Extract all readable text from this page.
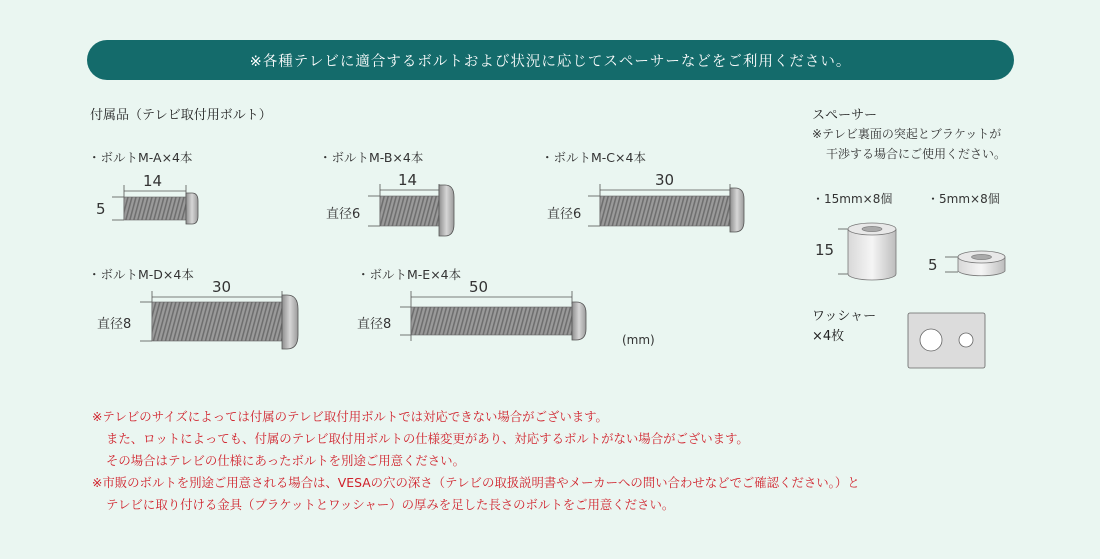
※各種テレビに適合するボルトおよび状況に応じてスペーサーなどをご利用ください。
付属品（テレビ取付用ボルト）
・ボルトM-A×4本	・ボルトM-B×4本	・ボルトM-C×4本
・ボルトM-D×4本	・ボルトM-E×4本
14
5
14
直径6
30
直径6
30
直径8
50
直径8
(mm)
スペーサー
※テレビ裏面の突起とブラケットが
干渉する場合にご使用ください。
・15mm×8個	・5mm×8個
15
5
ワッシャー
×4枚
※テレビのサイズによっては付属のテレビ取付用ボルトでは対応できない場合がございます。
また、ロットによっても、付属のテレビ取付用ボルトの仕様変更があり、対応するボルトがない場合がございます。
その場合はテレビの仕様にあったボルトを別途ご用意ください。
※市販のボルトを別途ご用意される場合は、VESAの穴の深さ（テレビの取扱説明書やメーカーへの問い合わせなどでご確認ください。）と
テレビに取り付ける金具（ブラケットとワッシャー）の厚みを足した長さのボルトをご用意ください。
